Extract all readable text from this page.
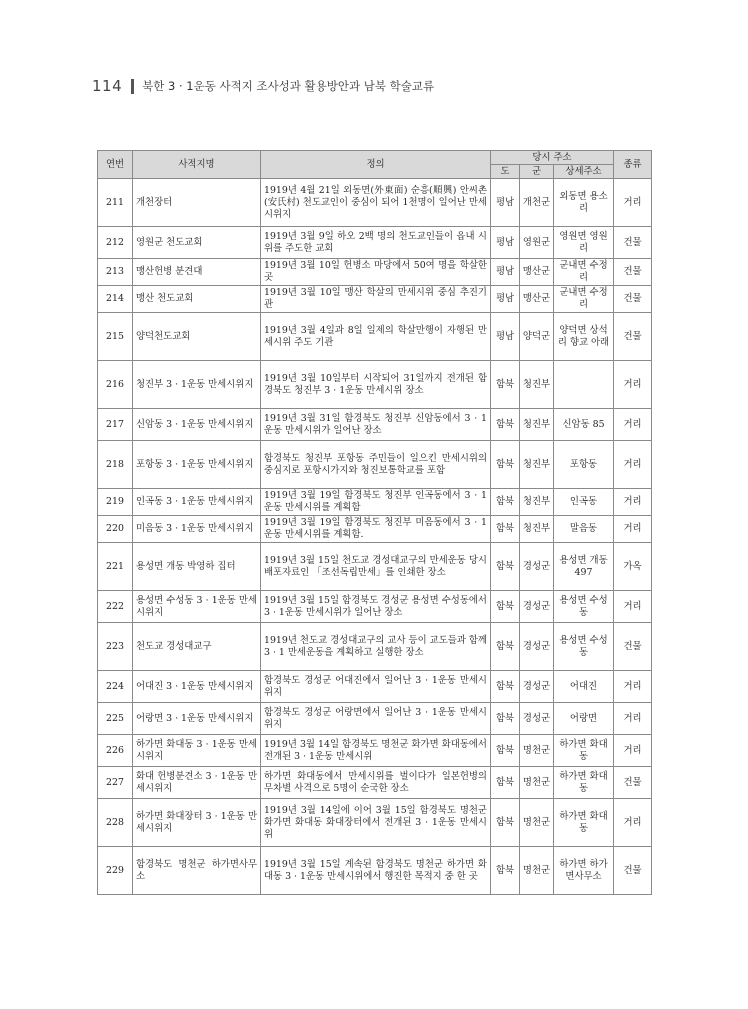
114 북한 3 · 1운동 사적지 조사성과 활용방안과 남북 학술교류
연번	사적지명	정의	당시 주소			종류
			도	군	상세주소	
211	개천장터	1919년 4월 21일 외동면(外東面) 순흥(順興) 안씨촌(安氏村) 천도교인이 중심이 되어 1천명이 일어난 만세시위지	평남	개천군	외동면 용소리	거리
212	영원군 천도교회	1919년 3월 9일 하오 2백 명의 천도교인들이 읍내 시위를 주도한 교회	평남	영원군	영원면 영원리	건물
213	맹산헌병 분견대	1919년 3월 10일 헌병소 마당에서 50여 명을 학살한 곳	평남	맹산군	군내면 수정리	건물
214	맹산 천도교회	1919년 3월 10일 맹산 학살의 만세시위 중심 추진기관	평남	맹산군	군내면 수정리	건물
215	양덕천도교회	1919년 3월 4일과 8일 일제의 학살만행이 자행된 만세시위 주도 기관	평남	양덕군	양덕면 상석리 향교 아래	건물
216	청진부 3 · 1운동 만세시위지	1919년 3월 10일부터 시작되어 31일까지 전개된 함경북도 청진부 3 · 1운동 만세시위 장소	함북	청진부		거리
217	신암동 3 · 1운동 만세시위지	1919년 3월 31일 함경북도 청진부 신암동에서 3 · 1운동 만세시위가 일어난 장소	함북	청진부	신암동 85	거리
218	포항동 3 · 1운동 만세시위지	함경북도 청진부 포항동 주민들이 일으킨 만세시위의 중심지로 포항시가지와 청진보통학교를 포함	함북	청진부	포항동	거리
219	인곡동 3 · 1운동 만세시위지	1919년 3월 19일 함경북도 청진부 인곡동에서 3 · 1운동 만세시위를 계획함	함북	청진부	인곡동	거리
220	미음동 3 · 1운동 만세시위지	1919년 3월 19일 함경북도 청진부 미음동에서 3 · 1운동 만세시위를 계획함.	함북	청진부	말음동	거리
221	용성면 개동 박영하 집터	1919년 3월 15일 천도교 경성대교구의 만세운동 당시 배포자료인 「조선독립만세」를 인쇄한 장소	함북	경성군	용성면 개동 497	가옥
222	용성면 수성동 3 · 1운동 만세시위지	1919년 3월 15일 함경북도 경성군 용성면 수성동에서 3 · 1운동 만세시위가 일어난 장소	함북	경성군	용성면 수성동	거리
223	천도교 경성대교구	1919년 천도교 경성대교구의 교사 등이 교도들과 함께 3 · 1 만세운동을 계획하고 실행한 장소	함북	경성군	용성면 수성동	건물
224	어대진 3 · 1운동 만세시위지	함경북도 경성군 어대진에서 일어난 3 · 1운동 만세시위지	함북	경성군	어대진	거리
225	어랑면 3 · 1운동 만세시위지	함경북도 경성군 어랑면에서 일어난 3 · 1운동 만세시위지	함북	경성군	어랑면	거리
226	하가면 화대동 3 · 1운동 만세시위지	1919년 3월 14일 함경북도 명천군 화가면 화대동에서 전개된 3 · 1운동 만세시위	함북	명천군	하가면 화대동	거리
227	화대 헌병분견소 3 · 1운동 만세시위지	하가면 화대동에서 만세시위를 벌이다가 일본헌병의 무차별 사격으로 5명이 순국한 장소	함북	명천군	하가면 화대동	건물
228	하가면 화대장터 3 · 1운동 만세시위지	1919년 3월 14일에 이어 3월 15일 함경북도 명천군 화가면 화대동 화대장터에서 전개된 3 · 1운동 만세시위	함북	명천군	하가면 화대동	거리
229	함경북도 명천군 하가면사무소	1919년 3월 15일 계속된 함경북도 명천군 하가면 화대동 3 · 1운동 만세시위에서 행진한 목적지 중 한 곳	함북	명천군	하가면 하가면사무소	건물
